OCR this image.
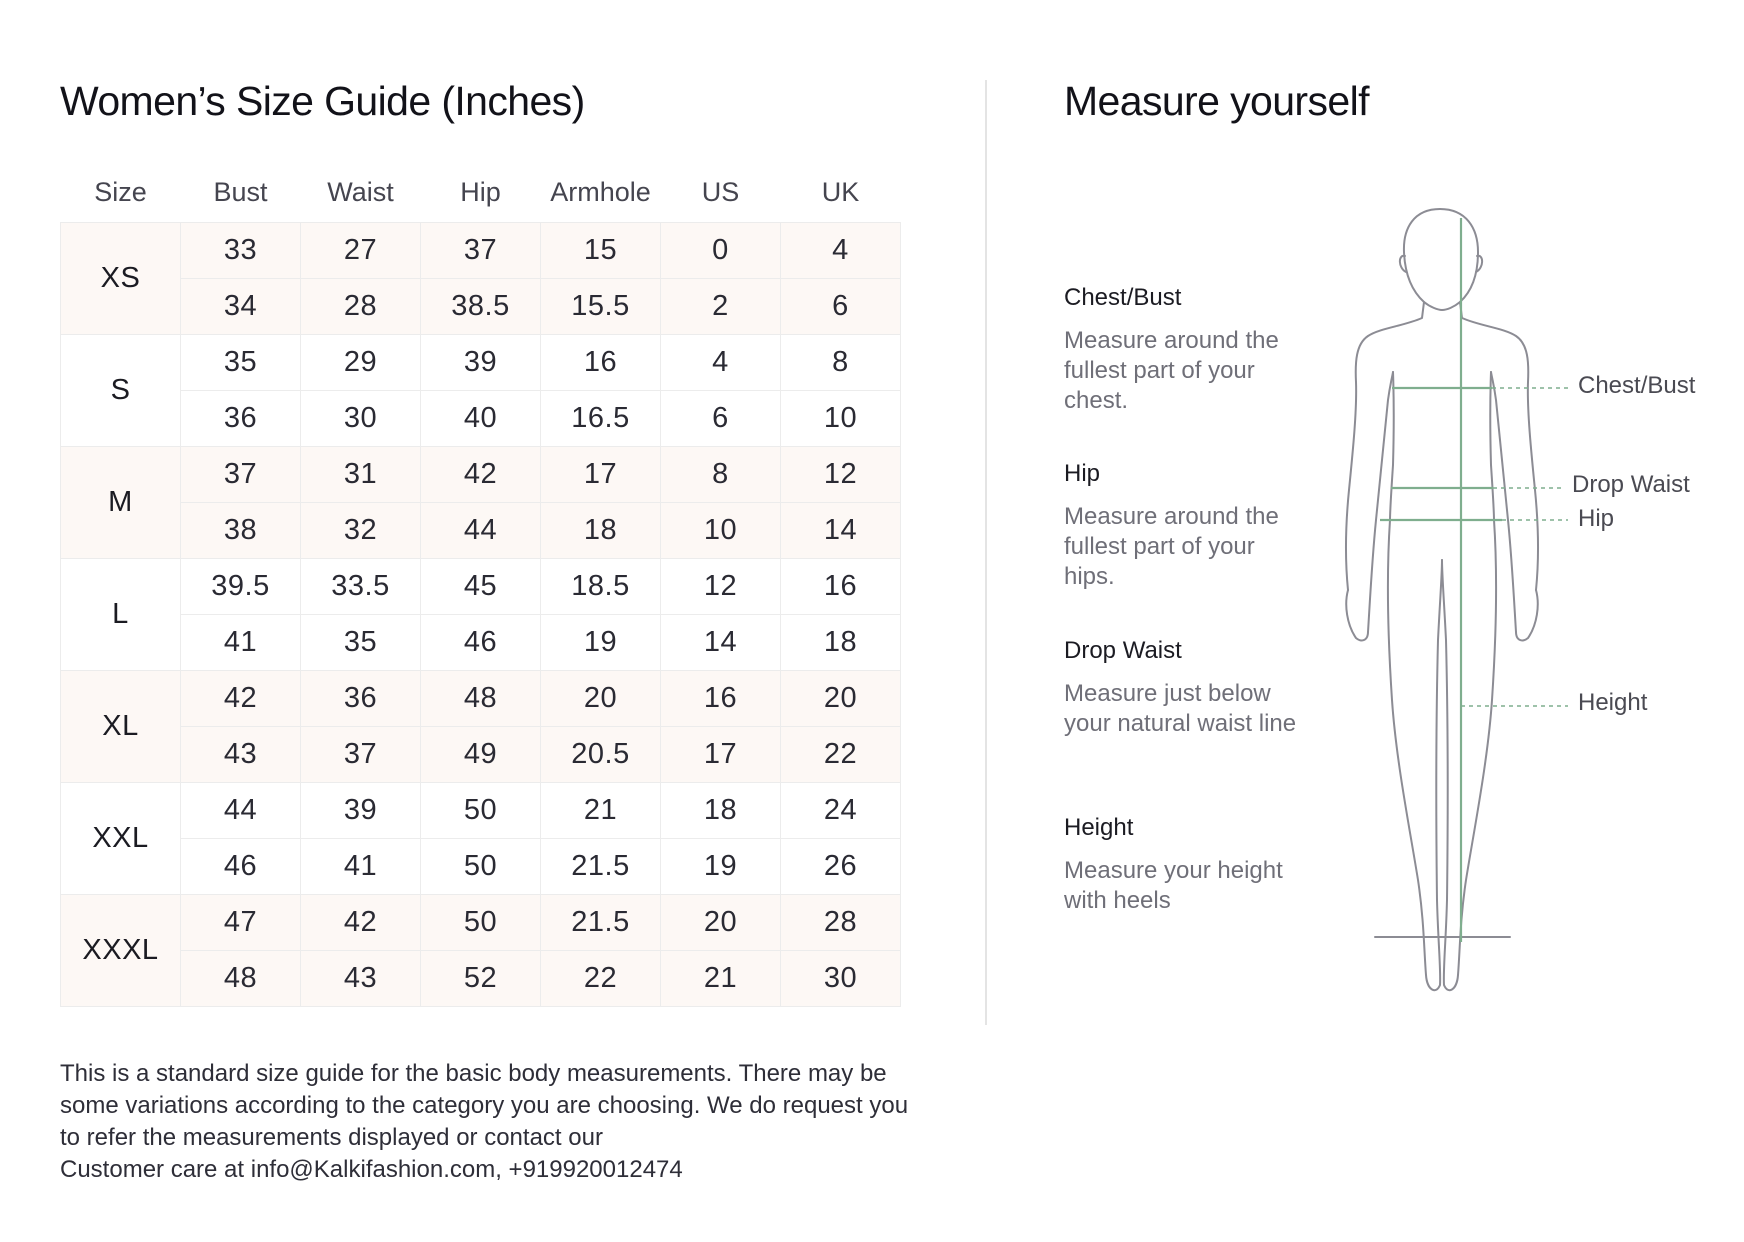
Women’s Size Guide (Inches)
Size	Bust	Waist	Hip	Armhole	US	UK
XS	33	27	37	15	0	4
	34	28	38.5	15.5	2	6
S	35	29	39	16	4	8
	36	30	40	16.5	6	10
M	37	31	42	17	8	12
	38	32	44	18	10	14
L	39.5	33.5	45	18.5	12	16
	41	35	46	19	14	18
XL	42	36	48	20	16	20
	43	37	49	20.5	17	22
XXL	44	39	50	21	18	24
	46	41	50	21.5	19	26
XXXL	47	42	50	21.5	20	28
	48	43	52	22	21	30
This is a standard size guide for the basic body measurements. There may be some variations according to the category you are choosing. We do request you to refer the measurements displayed or contact our
Customer care at info@Kalkifashion.com, +919920012474
Measure yourself

Chest/Bust

Measure around the fullest part of your chest.

Hip

Measure around the fullest part of your hips.

Drop Waist

Measure just below your natural waist line

Height

Measure your height with heels

Chest/Bust
Drop Waist
Hip
Height
